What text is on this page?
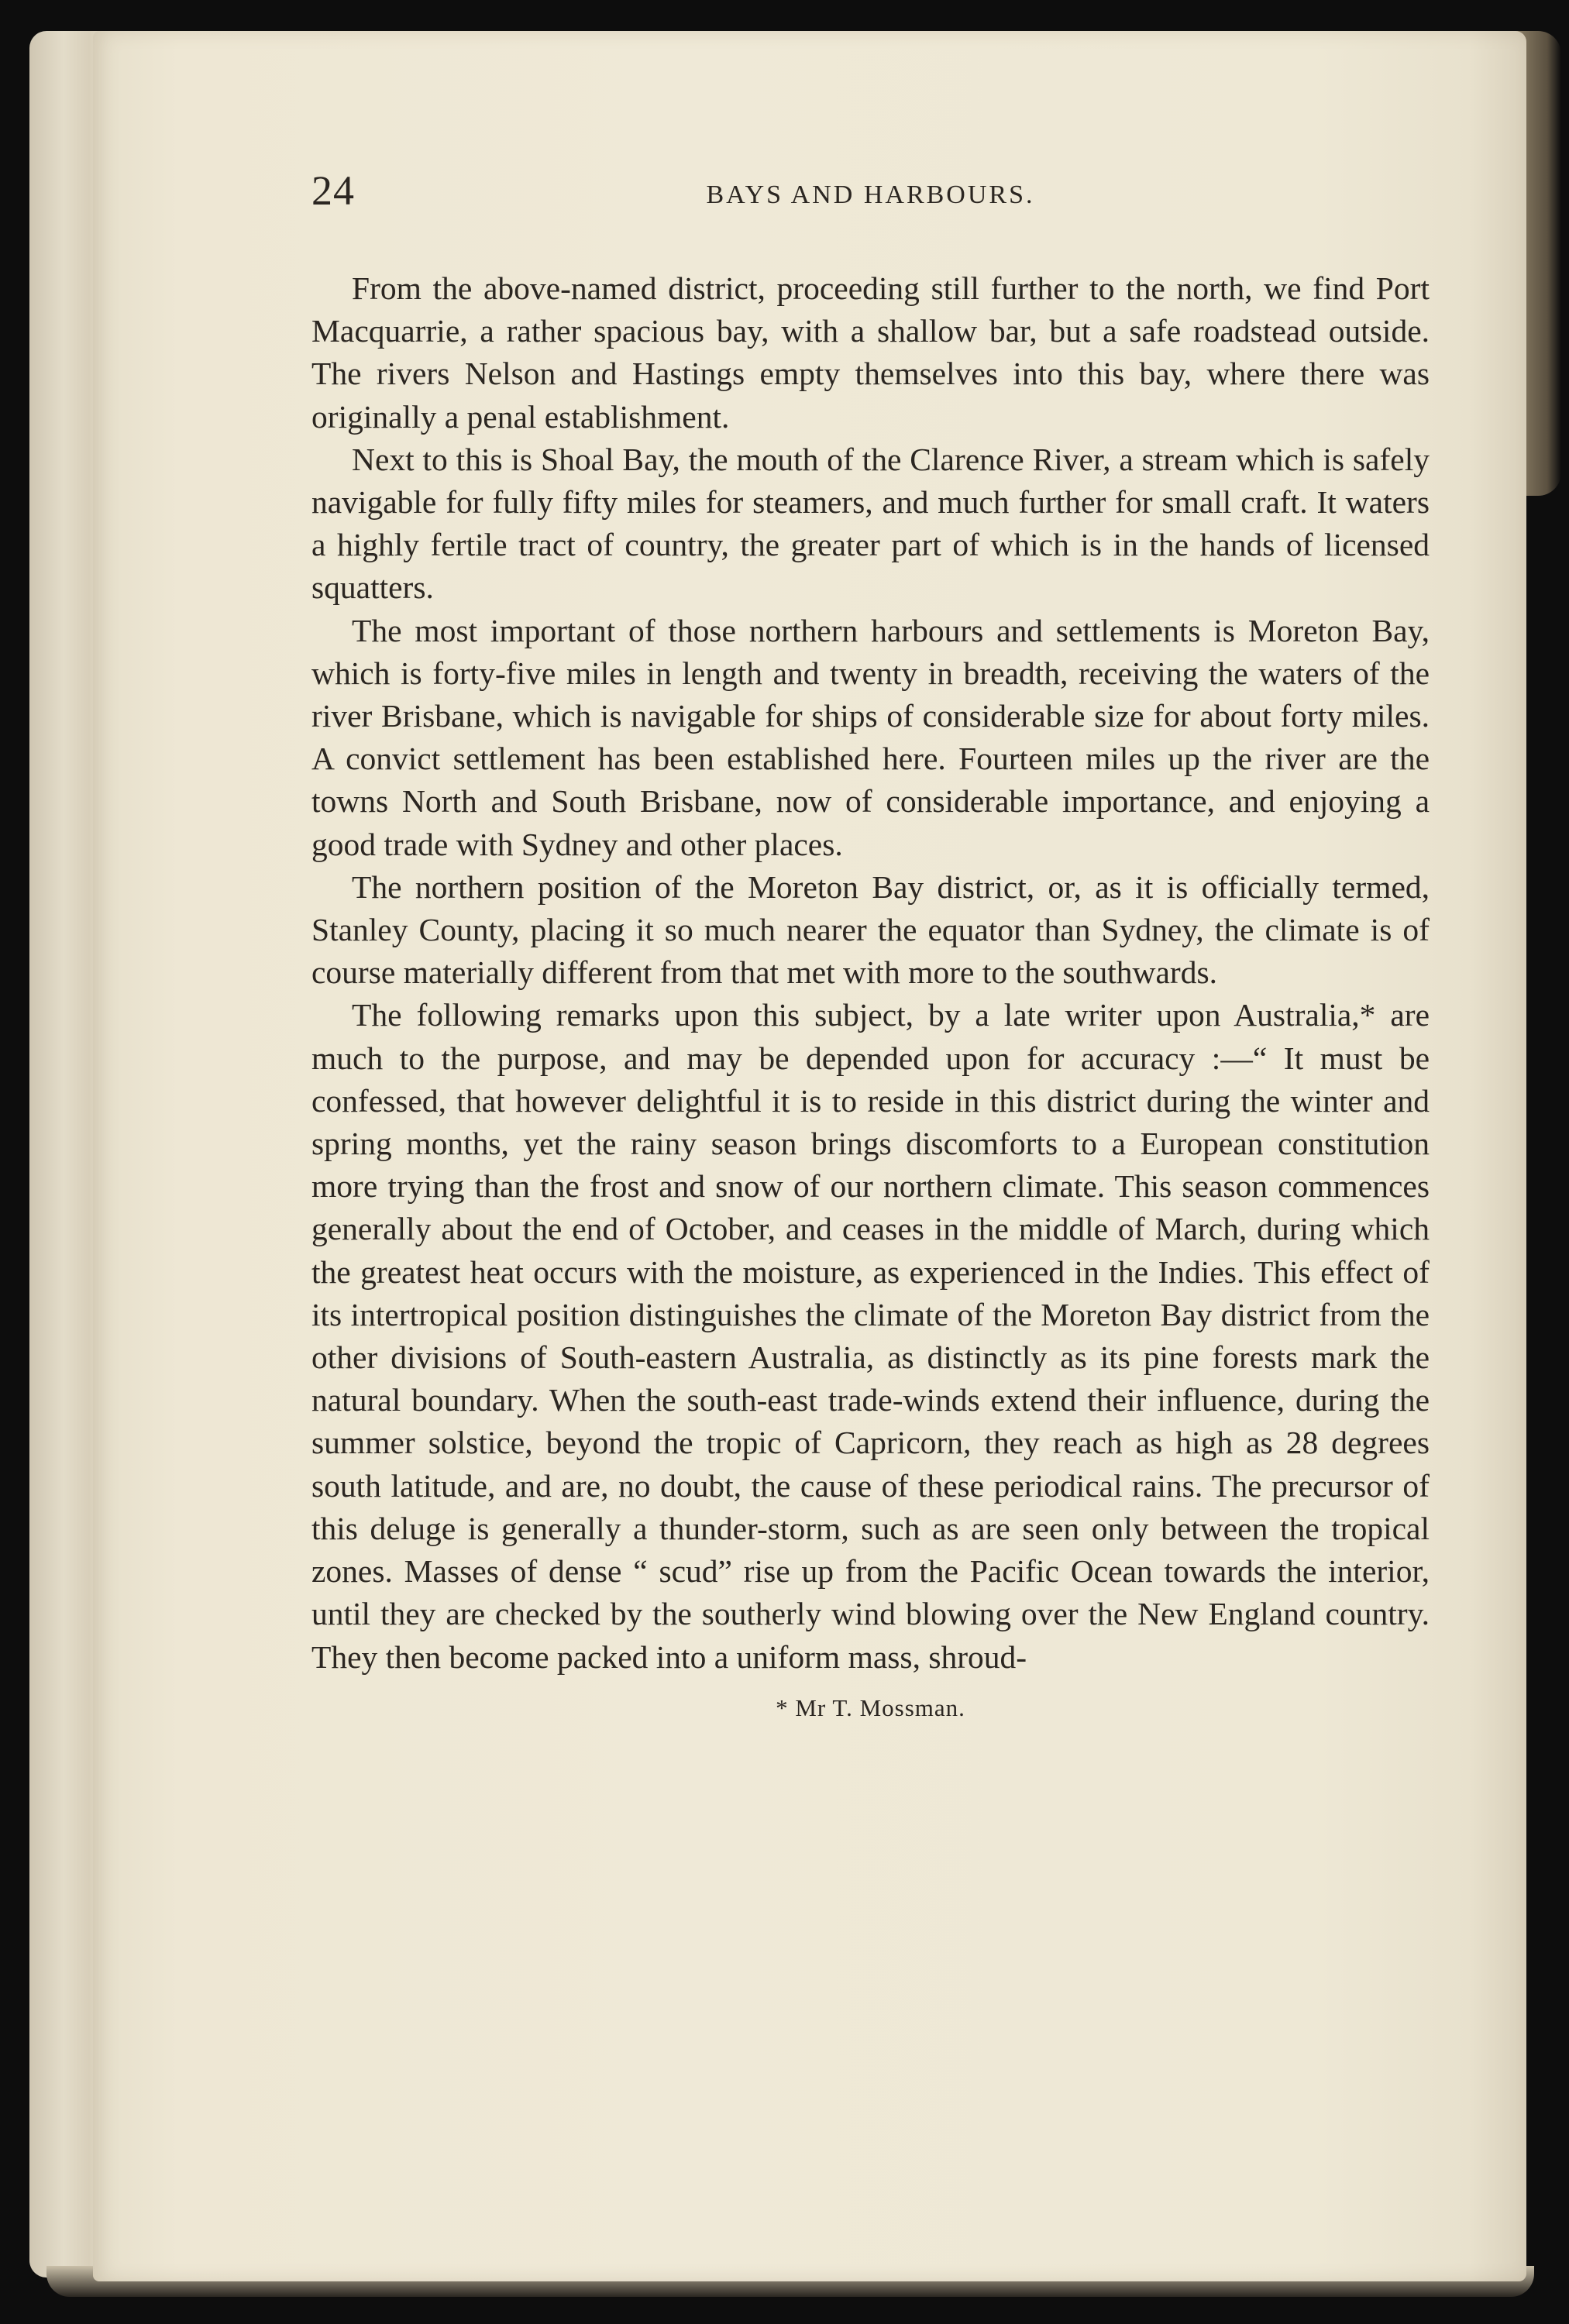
24	BAYS AND HARBOURS.

From the above-named district, proceeding still further to the north, we find Port Macquarrie, a rather spacious bay, with a shallow bar, but a safe roadstead outside. The rivers Nelson and Hastings empty themselves into this bay, where there was originally a penal establishment.

Next to this is Shoal Bay, the mouth of the Clarence River, a stream which is safely navigable for fully fifty miles for steamers, and much further for small craft. It waters a highly fertile tract of country, the greater part of which is in the hands of licensed squatters.

The most important of those northern harbours and settlements is Moreton Bay, which is forty-five miles in length and twenty in breadth, receiving the waters of the river Brisbane, which is navigable for ships of considerable size for about forty miles. A convict settlement has been established here. Fourteen miles up the river are the towns North and South Brisbane, now of considerable importance, and enjoying a good trade with Sydney and other places.

The northern position of the Moreton Bay district, or, as it is officially termed, Stanley County, placing it so much nearer the equator than Sydney, the climate is of course materially different from that met with more to the southwards.

The following remarks upon this subject, by a late writer upon Australia,* are much to the purpose, and may be depended upon for accuracy :—“ It must be confessed, that however delightful it is to reside in this district during the winter and spring months, yet the rainy season brings discomforts to a European constitution more trying than the frost and snow of our northern climate. This season commences generally about the end of October, and ceases in the middle of March, during which the greatest heat occurs with the moisture, as experienced in the Indies. This effect of its intertropical position distinguishes the climate of the Moreton Bay district from the other divisions of South-eastern Australia, as distinctly as its pine forests mark the natural boundary. When the south-east trade-winds extend their influence, during the summer solstice, beyond the tropic of Capricorn, they reach as high as 28 degrees south latitude, and are, no doubt, the cause of these periodical rains. The precursor of this deluge is generally a thunder-storm, such as are seen only between the tropical zones. Masses of dense “ scud” rise up from the Pacific Ocean towards the interior, until they are checked by the southerly wind blowing over the New England country. They then become packed into a uniform mass, shroud-

* Mr T. Mossman.
